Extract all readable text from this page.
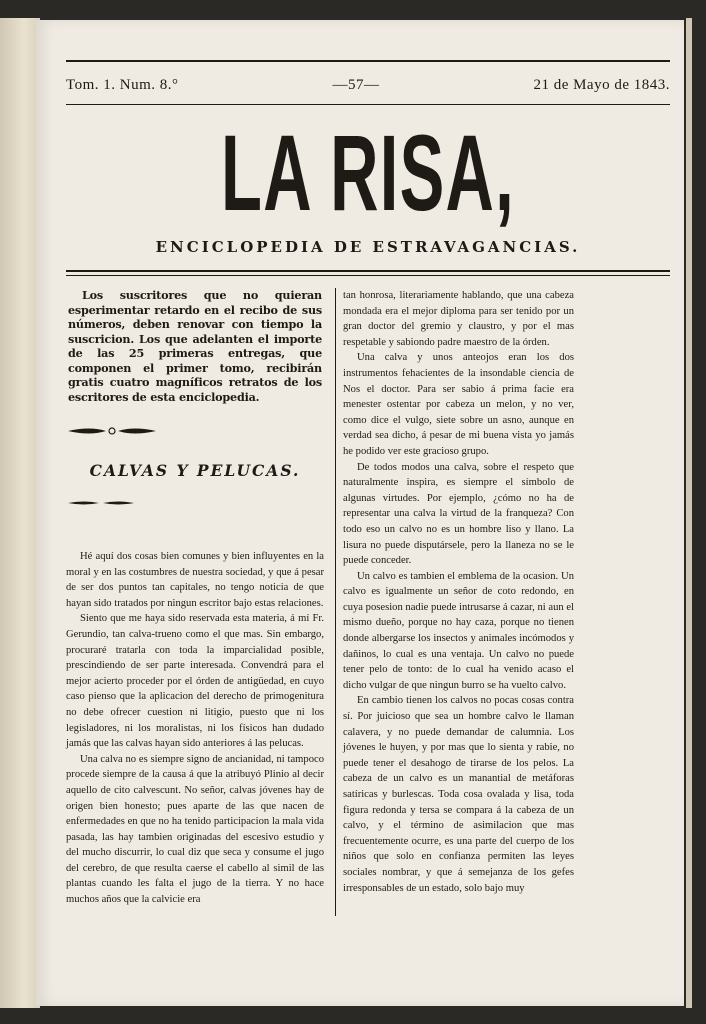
Tom. 1. Num. 8.°	—57—	21 de Mayo de 1843.
LA RISA,
ENCICLOPEDIA DE ESTRAVAGANCIAS.
Los suscritores que no quieran esperimentar retardo en el recibo de sus números, deben renovar con tiempo la suscricion. Los que adelanten el importe de las 25 primeras entregas, que componen el primer tomo, recibirán gratis cuatro magníficos retratos de los escritores de esta enciclopedia.
CALVAS Y PELUCAS.

Hé aquí dos cosas bien comunes y bien influyentes en la moral y en las costumbres de nuestra sociedad, y que á pesar de ser dos puntos tan capitales, no tengo noticia de que hayan sido tratados por ningun escritor bajo estas relaciones.

Siento que me haya sido reservada esta materia, á mí Fr. Gerundio, tan calva-trueno como el que mas. Sin embargo, procuraré tratarla con toda la imparcialidad posible, prescindiendo de ser parte interesada. Convendrá para el mejor acierto proceder por el órden de antigüedad, en cuyo caso pienso que la aplicacion del derecho de primogenitura no debe ofrecer cuestion ni litigio, puesto que ni los legisladores, ni los moralistas, ni los físicos han dudado jamás que las calvas hayan sido anteriores á las pelucas.

Una calva no es siempre signo de ancianidad, ni tampoco procede siempre de la causa á que la atribuyó Plinio al decir aquello de cito calvescunt. No señor, calvas jóvenes hay de origen bien honesto; pues aparte de las que nacen de enfermedades en que no ha tenido participacion la mala vida pasada, las hay tambien originadas del escesivo estudio y del mucho discurrir, lo cual diz que seca y consume el jugo del cerebro, de que resulta caerse el cabello al simil de las plantas cuando les falta el jugo de la tierra. Y no hace muchos años que la calvicie era

tan honrosa, literariamente hablando, que una cabeza mondada era el mejor diploma para ser tenido por un gran doctor del gremio y claustro, y por el mas respetable y sabiondo padre maestro de la órden.

Una calva y unos anteojos eran los dos instrumentos fehacientes de la insondable ciencia de Nos el doctor. Para ser sabio á prima facie era menester ostentar por cabeza un melon, y no ver, como dice el vulgo, siete sobre un asno, aunque en verdad sea dicho, á pesar de mi buena vista yo jamás he podido ver este gracioso grupo.

De todos modos una calva, sobre el respeto que naturalmente inspira, es siempre el símbolo de algunas virtudes. Por ejemplo, ¿cómo no ha de representar una calva la virtud de la franqueza? Con todo eso un calvo no es un hombre liso y llano. La lisura no puede disputársele, pero la llaneza no se le puede conceder.

Un calvo es tambien el emblema de la ocasion. Un calvo es igualmente un señor de coto redondo, en cuya posesion nadie puede intrusarse á cazar, ni aun el mismo dueño, porque no hay caza, porque no tienen donde albergarse los insectos y animales incómodos y dañinos, lo cual es una ventaja. Un calvo no puede tener pelo de tonto: de lo cual ha venido acaso el dicho vulgar de que ningun burro se ha vuelto calvo.

En cambio tienen los calvos no pocas cosas contra sí. Por juicioso que sea un hombre calvo le llaman calavera, y no puede demandar de calumnia. Los jóvenes le huyen, y por mas que lo sienta y rabie, no puede tener el desahogo de tirarse de los pelos. La cabeza de un calvo es un manantial de metáforas satíricas y burlescas. Toda cosa ovalada y lisa, toda figura redonda y tersa se compara á la cabeza de un calvo, y el término de asimilacion que mas frecuentemente ocurre, es una parte del cuerpo de los niños que solo en confianza permiten las leyes sociales nombrar, y que á semejanza de los gefes irresponsables de un estado, solo bajo muy
